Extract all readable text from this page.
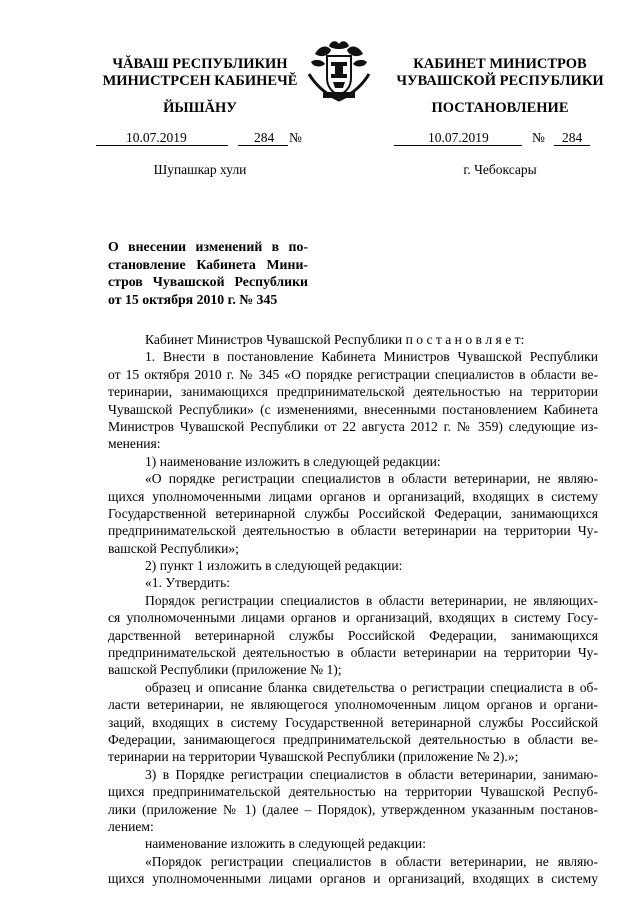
ЧĂВАШ РЕСПУБЛИКИН
МИНИСТРСЕН КАБИНЕЧĔ
КАБИНЕТ МИНИСТРОВ
ЧУВАШСКОЙ РЕСПУБЛИКИ
ЙЫШĂНУ	ПОСТАНОВЛЕНИЕ
10.07.2019	284 №	10.07.2019	№ 284
Шупашкар хули	г. Чебоксары
О внесении изменений в по-
становление Кабинета Мини-
стров Чувашской Республики
от 15 октября 2010 г. № 345
Кабинет Министров Чувашской Республики п о с т а н о в л я е т:
1. Внести в постановление Кабинета Министров Чувашской Республики
от 15 октября 2010 г. № 345 «О порядке регистрации специалистов в области ве-
теринарии, занимающихся предпринимательской деятельностью на территории
Чувашской Республики» (с изменениями, внесенными постановлением Кабинета
Министров Чувашской Республики от 22 августа 2012 г. № 359) следующие из-
менения:
1) наименование изложить в следующей редакции:
«О порядке регистрации специалистов в области ветеринарии, не являю-
щихся уполномоченными лицами органов и организаций, входящих в систему
Государственной ветеринарной службы Российской Федерации, занимающихся
предпринимательской деятельностью в области ветеринарии на территории Чу-
вашской Республики»;
2) пункт 1 изложить в следующей редакции:
«1. Утвердить:
Порядок регистрации специалистов в области ветеринарии, не являющих-
ся уполномоченными лицами органов и организаций, входящих в систему Госу-
дарственной ветеринарной службы Российской Федерации, занимающихся
предпринимательской деятельностью в области ветеринарии на территории Чу-
вашской Республики (приложение № 1);
образец и описание бланка свидетельства о регистрации специалиста в об-
ласти ветеринарии, не являющегося уполномоченным лицом органов и органи-
заций, входящих в систему Государственной ветеринарной службы Российской
Федерации, занимающегося предпринимательской деятельностью в области ве-
теринарии на территории Чувашской Республики (приложение № 2).»;
3) в Порядке регистрации специалистов в области ветеринарии, занимаю-
щихся предпринимательской деятельностью на территории Чувашской Респуб-
лики (приложение № 1) (далее – Порядок), утвержденном указанным постанов-
лением:
наименование изложить в следующей редакции:
«Порядок регистрации специалистов в области ветеринарии, не являю-
щихся уполномоченными лицами органов и организаций, входящих в систему
